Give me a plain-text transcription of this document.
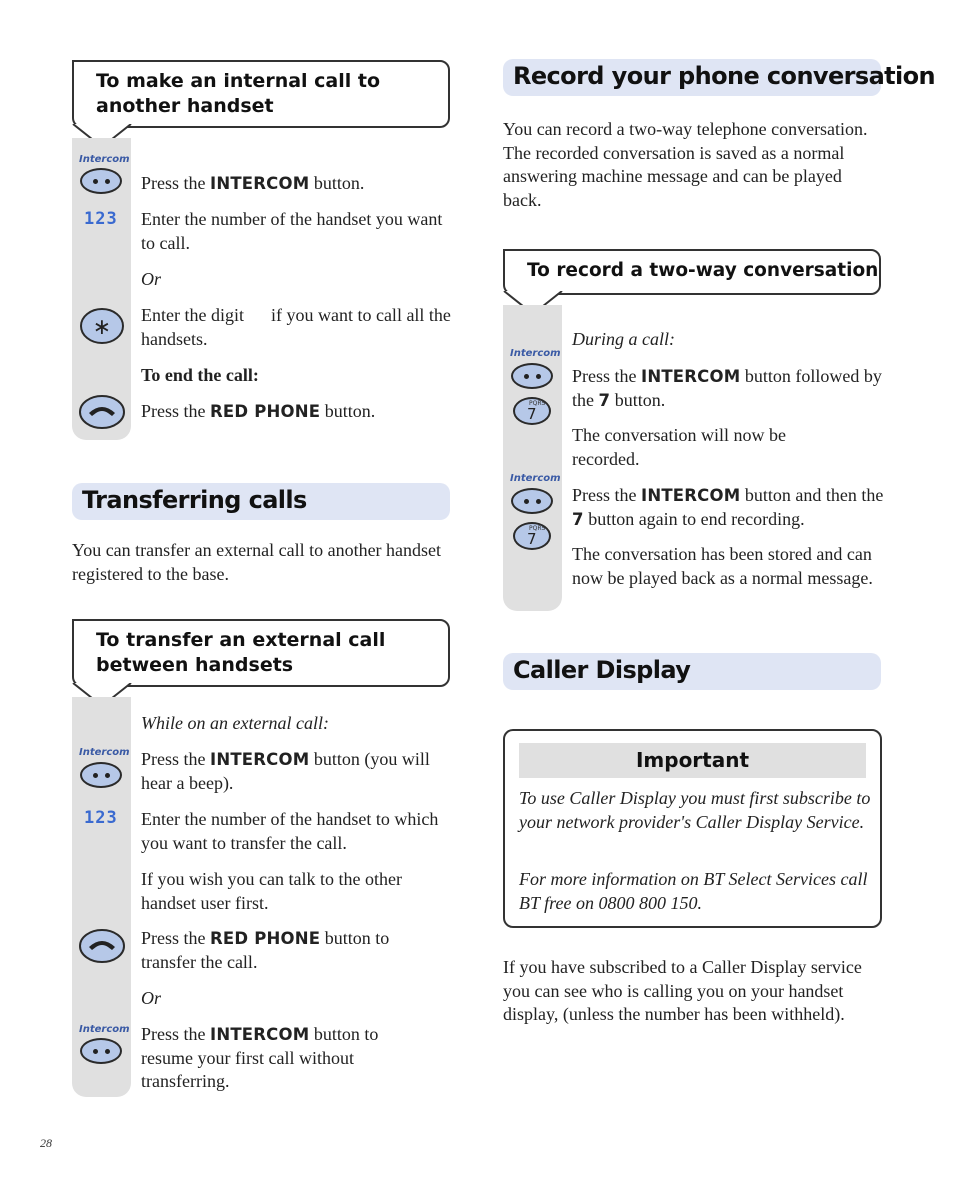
To make an internal call to
another handset
Intercom
Press the INTERCOM button.
123 Enter the number of the handset you want to call.
Or
∗ Enter the digit      if you want to call all the handsets.
To end the call:
Press the RED PHONE button.
Transferring calls
You can transfer an external call to another handset registered to the base.
To transfer an external call
between handsets
While on an external call:
Intercom Press the INTERCOM button (you will hear a beep).
123 Enter the number of the handset to which you want to transfer the call.
If you wish you can talk to the other handset user first.
Press the RED PHONE button to transfer the call.
Or
Intercom Press the INTERCOM button to resume your first call without transferring.
28
Record your phone conversation
You can record a two-way telephone conversation. The recorded conversation is saved as a normal answering machine message and can be played back.
To record a two-way conversation
During a call:
Intercom
PQRS
7
Press the INTERCOM button followed by the 7 button.
The conversation will now be recorded.
Intercom
PQRS
7
Press the INTERCOM button and then the 7 button again to end recording.
The conversation has been stored and can now be played back as a normal message.
Caller Display
Important
To use Caller Display you must first subscribe to your network provider's Caller Display Service.
For more information on BT Select Services call BT free on 0800 800 150.
If you have subscribed to a Caller Display service you can see who is calling you on your handset display, (unless the number has been withheld).
